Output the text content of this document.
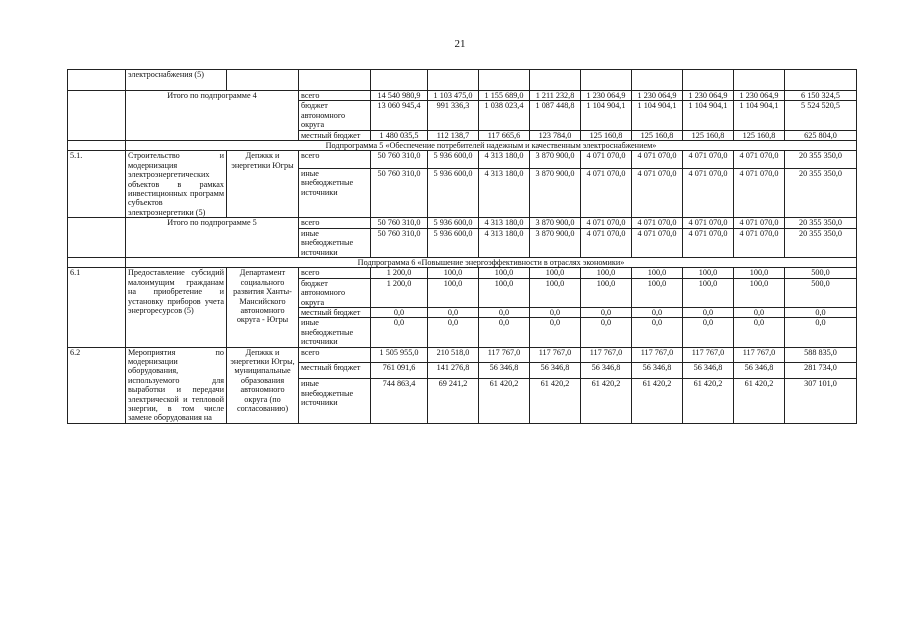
21
	электроснабжения (5)											
	Итого по подпрограмме 4		всего	14 540 980,9	1 103 475,0	1 155 689,0	1 211 232,8	1 230 064,9	1 230 064,9	1 230 064,9	1 230 064,9	6 150 324,5
			бюджет автономного округа	13 060 945,4	991 336,3	1 038 023,4	1 087 448,8	1 104 904,1	1 104 904,1	1 104 904,1	1 104 904,1	5 524 520,5
			местный бюджет	1 480 035,5	112 138,7	117 665,6	123 784,0	125 160,8	125 160,8	125 160,8	125 160,8	625 804,0
	Подпрограмма 5 «Обеспечение потребителей надежным и качественным электроснабжением»											
5.1.	Строительство и модернизация электроэнергетических объектов в рамках инвестиционных программ субъектов электроэнергетики (5)	Депжкк и энергетики Югры	всего	50 760 310,0	5 936 600,0	4 313 180,0	3 870 900,0	4 071 070,0	4 071 070,0	4 071 070,0	4 071 070,0	20 355 350,0
			иные внебюджетные источники	50 760 310,0	5 936 600,0	4 313 180,0	3 870 900,0	4 071 070,0	4 071 070,0	4 071 070,0	4 071 070,0	20 355 350,0
	Итого по подпрограмме 5		всего	50 760 310,0	5 936 600,0	4 313 180,0	3 870 900,0	4 071 070,0	4 071 070,0	4 071 070,0	4 071 070,0	20 355 350,0
			иные внебюджетные источники	50 760 310,0	5 936 600,0	4 313 180,0	3 870 900,0	4 071 070,0	4 071 070,0	4 071 070,0	4 071 070,0	20 355 350,0
	Подпрограмма 6 «Повышение энергоэффективности в отраслях экономики»											
6.1	Предоставление субсидий малоимущим гражданам на приобретение и установку приборов учета энергоресурсов (5)	Департамент социального развития Ханты-Мансийского автономного округа - Югры	всего	1 200,0	100,0	100,0	100,0	100,0	100,0	100,0	100,0	500,0
			бюджет автономного округа	1 200,0	100,0	100,0	100,0	100,0	100,0	100,0	100,0	500,0
			местный бюджет	0,0	0,0	0,0	0,0	0,0	0,0	0,0	0,0	0,0
			иные внебюджетные источники	0,0	0,0	0,0	0,0	0,0	0,0	0,0	0,0	0,0
6.2	Мероприятия по модернизации оборудования, используемого для выработки и передачи электрической и тепловой энергии, в том числе замене оборудования на	Депжкк и энергетики Югры, муниципальные образования автономного округа (по согласованию)	всего	1 505 955,0	210 518,0	117 767,0	117 767,0	117 767,0	117 767,0	117 767,0	117 767,0	588 835,0
			местный бюджет	761 091,6	141 276,8	56 346,8	56 346,8	56 346,8	56 346,8	56 346,8	56 346,8	281 734,0
			иные внебюджетные источники	744 863,4	69 241,2	61 420,2	61 420,2	61 420,2	61 420,2	61 420,2	61 420,2	307 101,0
